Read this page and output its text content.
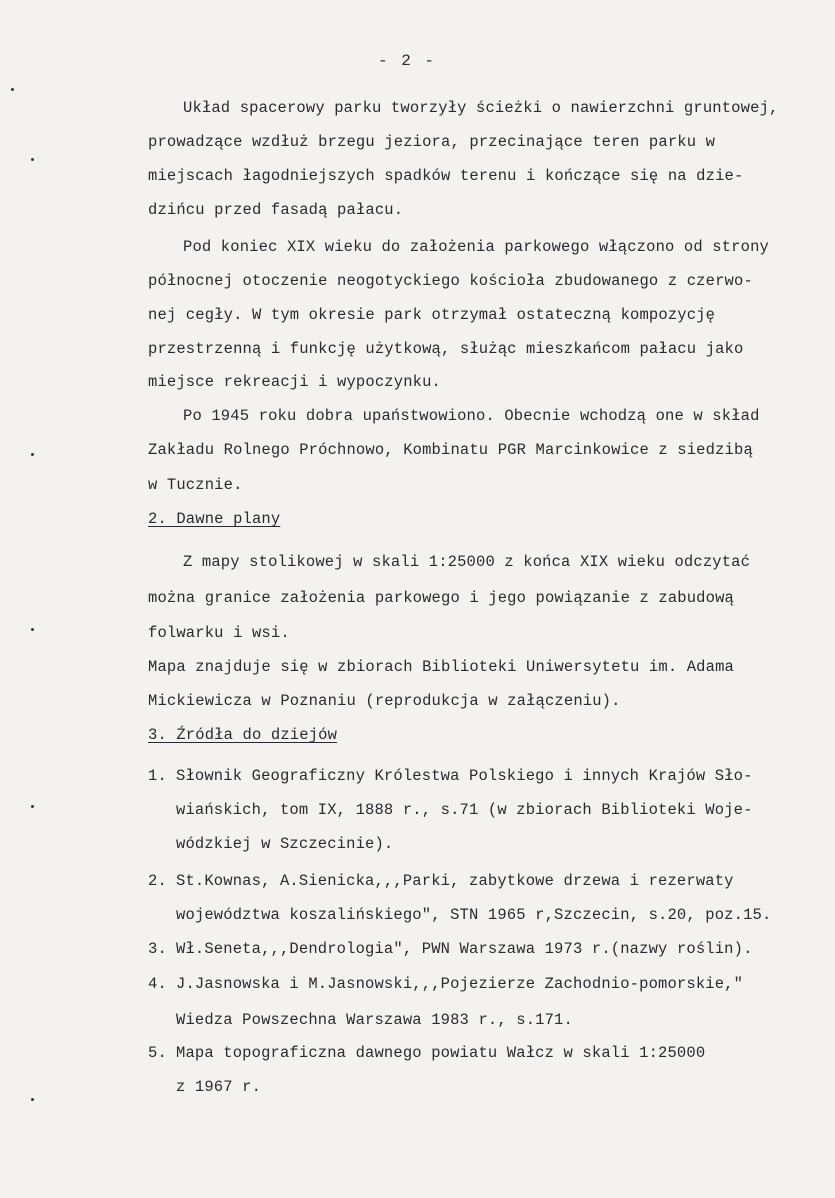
- 2 -
Układ spacerowy parku tworzyły ścieżki o nawierzchni gruntowej,
prowadzące wzdłuż brzegu jeziora, przecinające teren parku w
miejscach łagodniejszych spadków terenu i kończące się na dzie-
dzińcu przed fasadą pałacu.
Pod koniec XIX wieku do założenia parkowego włączono od strony
północnej otoczenie neogotyckiego kościoła zbudowanego z czerwo-
nej cegły. W tym okresie park otrzymał ostateczną kompozycję
przestrzenną i funkcję użytkową, służąc mieszkańcom pałacu jako
miejsce rekreacji i wypoczynku.
Po 1945 roku dobra upaństwowiono. Obecnie wchodzą one w skład
Zakładu Rolnego Próchnowo, Kombinatu PGR Marcinkowice z siedzibą
w Tucznie.
2. Dawne plany
Z mapy stolikowej w skali 1:25000 z końca XIX wieku odczytać
można granice założenia parkowego i jego powiązanie z zabudową
folwarku i wsi.
Mapa znajduje się w zbiorach Biblioteki Uniwersytetu im. Adama
Mickiewicza w Poznaniu (reprodukcja w załączeniu).
3. Źródła do dziejów
1. Słownik Geograficzny Królestwa Polskiego i innych Krajów Sło-
wiańskich, tom IX, 1888 r., s.71 (w zbiorach Biblioteki Woje-
wódzkiej w Szczecinie).
2. St.Kownas, A.Sienicka,,,Parki, zabytkowe drzewa i rezerwaty
województwa koszalińskiego", STN 1965 r,Szczecin, s.20, poz.15.
3. Wł.Seneta,,,Dendrologia", PWN Warszawa 1973 r.(nazwy roślin).
4. J.Jasnowska i M.Jasnowski,,,Pojezierze Zachodnio-pomorskie,"
Wiedza Powszechna Warszawa 1983 r., s.171.
5. Mapa topograficzna dawnego powiatu Wałcz w skali 1:25000
z 1967 r.
